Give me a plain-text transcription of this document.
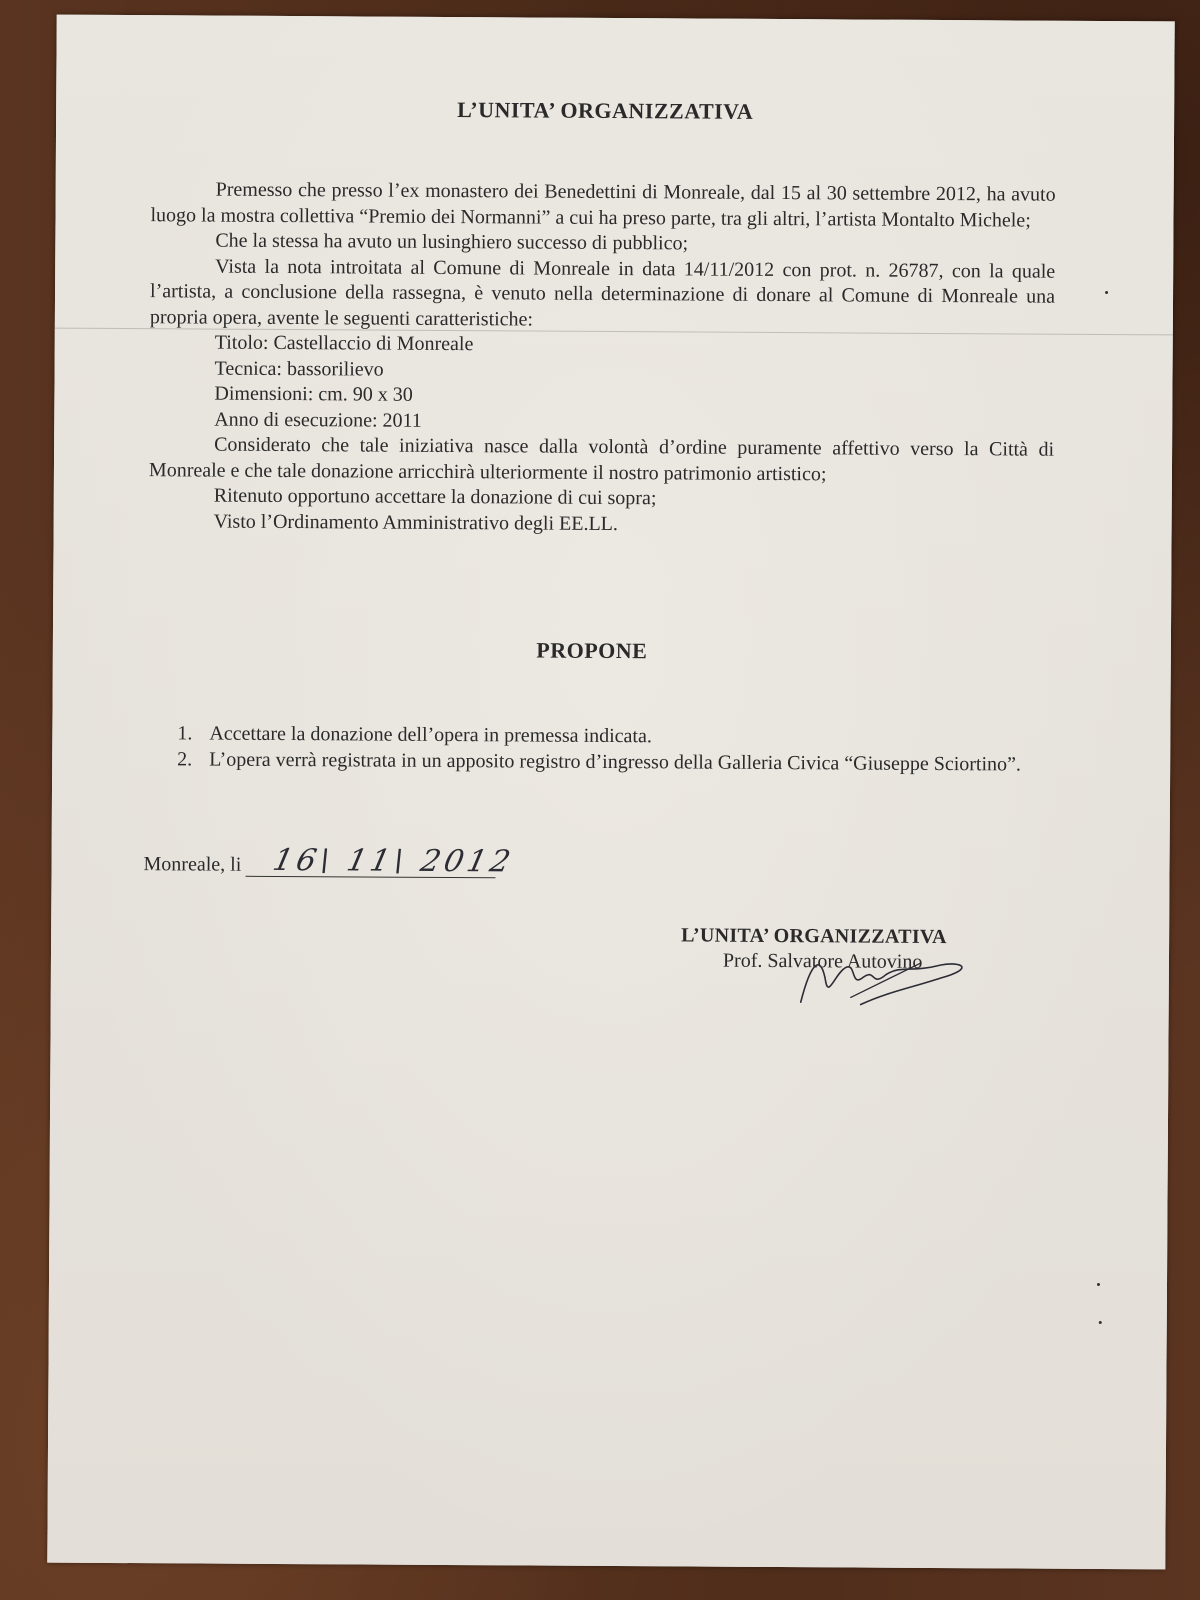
L’UNITA’ ORGANIZZATIVA

Premesso che presso l’ex monastero dei Benedettini di Monreale, dal 15 al 30 settembre 2012, ha avuto luogo la mostra collettiva “Premio dei Normanni” a cui ha preso parte, tra gli altri, l’artista Montalto Michele;

Che la stessa ha avuto un lusinghiero successo di pubblico;

Vista la nota introitata al Comune di Monreale in data 14/11/2012 con prot. n. 26787, con la quale l’artista, a conclusione della rassegna, è venuto nella determinazione di donare al Comune di Monreale una propria opera, avente le seguenti caratteristiche:

Titolo: Castellaccio di Monreale

Tecnica: bassorilievo

Dimensioni: cm. 90 x 30

Anno di esecuzione: 2011

Considerato che tale iniziativa nasce dalla volontà d’ordine puramente affettivo verso la Città di Monreale e che tale donazione arricchirà ulteriormente il nostro patrimonio artistico;

Ritenuto opportuno accettare la donazione di cui sopra;

Visto l’Ordinamento Amministrativo degli EE.LL.

PROPONE
1. Accettare la donazione dell’opera in premessa indicata.
2. L’opera verrà registrata in un apposito registro d’ingresso della Galleria Civica “Giuseppe Sciortino”.
Monreale, li 16\ 11\ 2012
L’UNITA’ ORGANIZZATIVA
Prof. Salvatore Autovino
